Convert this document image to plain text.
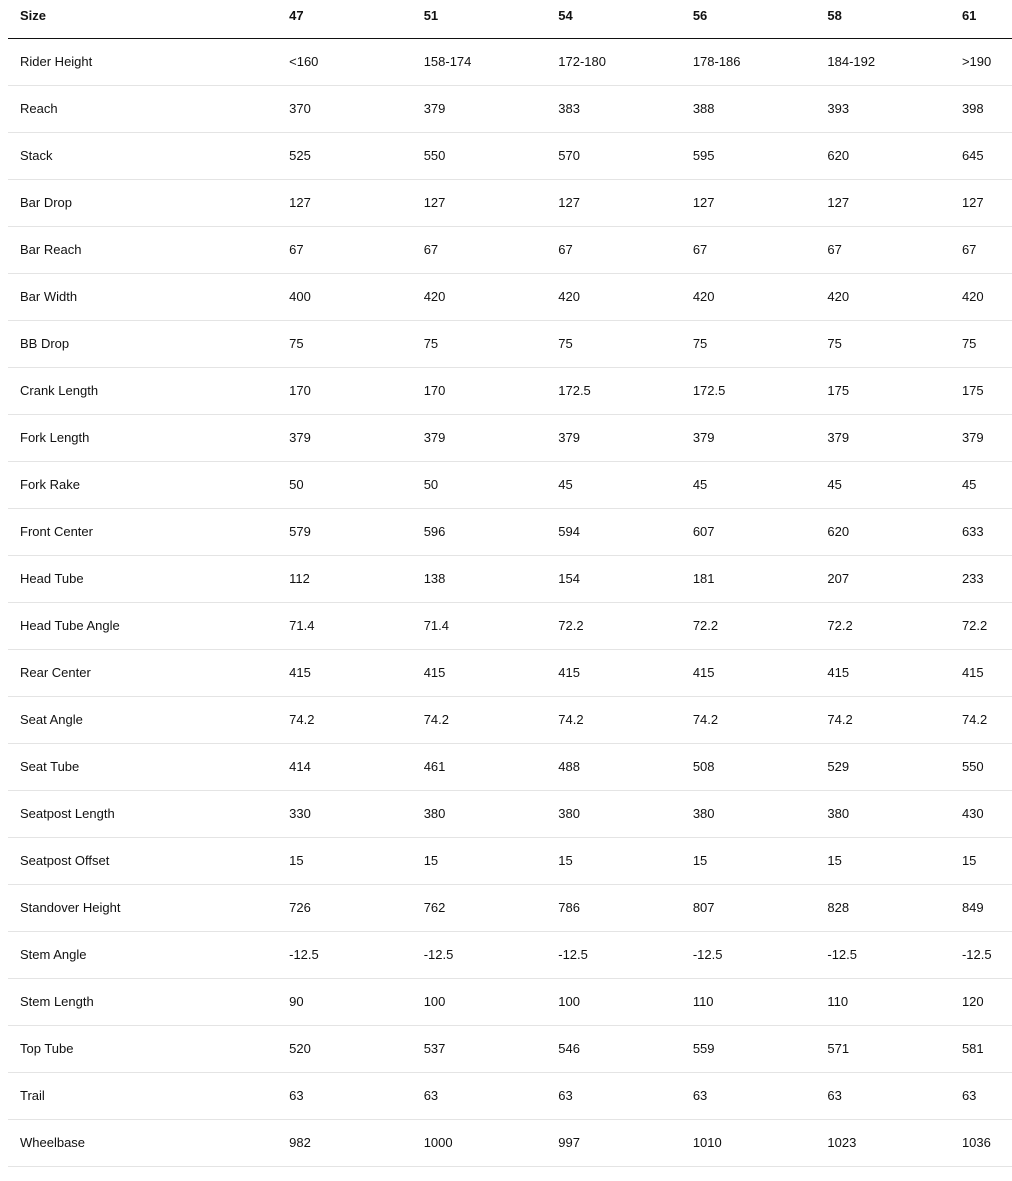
Size	47	51	54	56	58	61
Rider Height	<160	158-174	172-180	178-186	184-192	>190
Reach	370	379	383	388	393	398
Stack	525	550	570	595	620	645
Bar Drop	127	127	127	127	127	127
Bar Reach	67	67	67	67	67	67
Bar Width	400	420	420	420	420	420
BB Drop	75	75	75	75	75	75
Crank Length	170	170	172.5	172.5	175	175
Fork Length	379	379	379	379	379	379
Fork Rake	50	50	45	45	45	45
Front Center	579	596	594	607	620	633
Head Tube	112	138	154	181	207	233
Head Tube Angle	71.4	71.4	72.2	72.2	72.2	72.2
Rear Center	415	415	415	415	415	415
Seat Angle	74.2	74.2	74.2	74.2	74.2	74.2
Seat Tube	414	461	488	508	529	550
Seatpost Length	330	380	380	380	380	430
Seatpost Offset	15	15	15	15	15	15
Standover Height	726	762	786	807	828	849
Stem Angle	-12.5	-12.5	-12.5	-12.5	-12.5	-12.5
Stem Length	90	100	100	110	110	120
Top Tube	520	537	546	559	571	581
Trail	63	63	63	63	63	63
Wheelbase	982	1000	997	1010	1023	1036
